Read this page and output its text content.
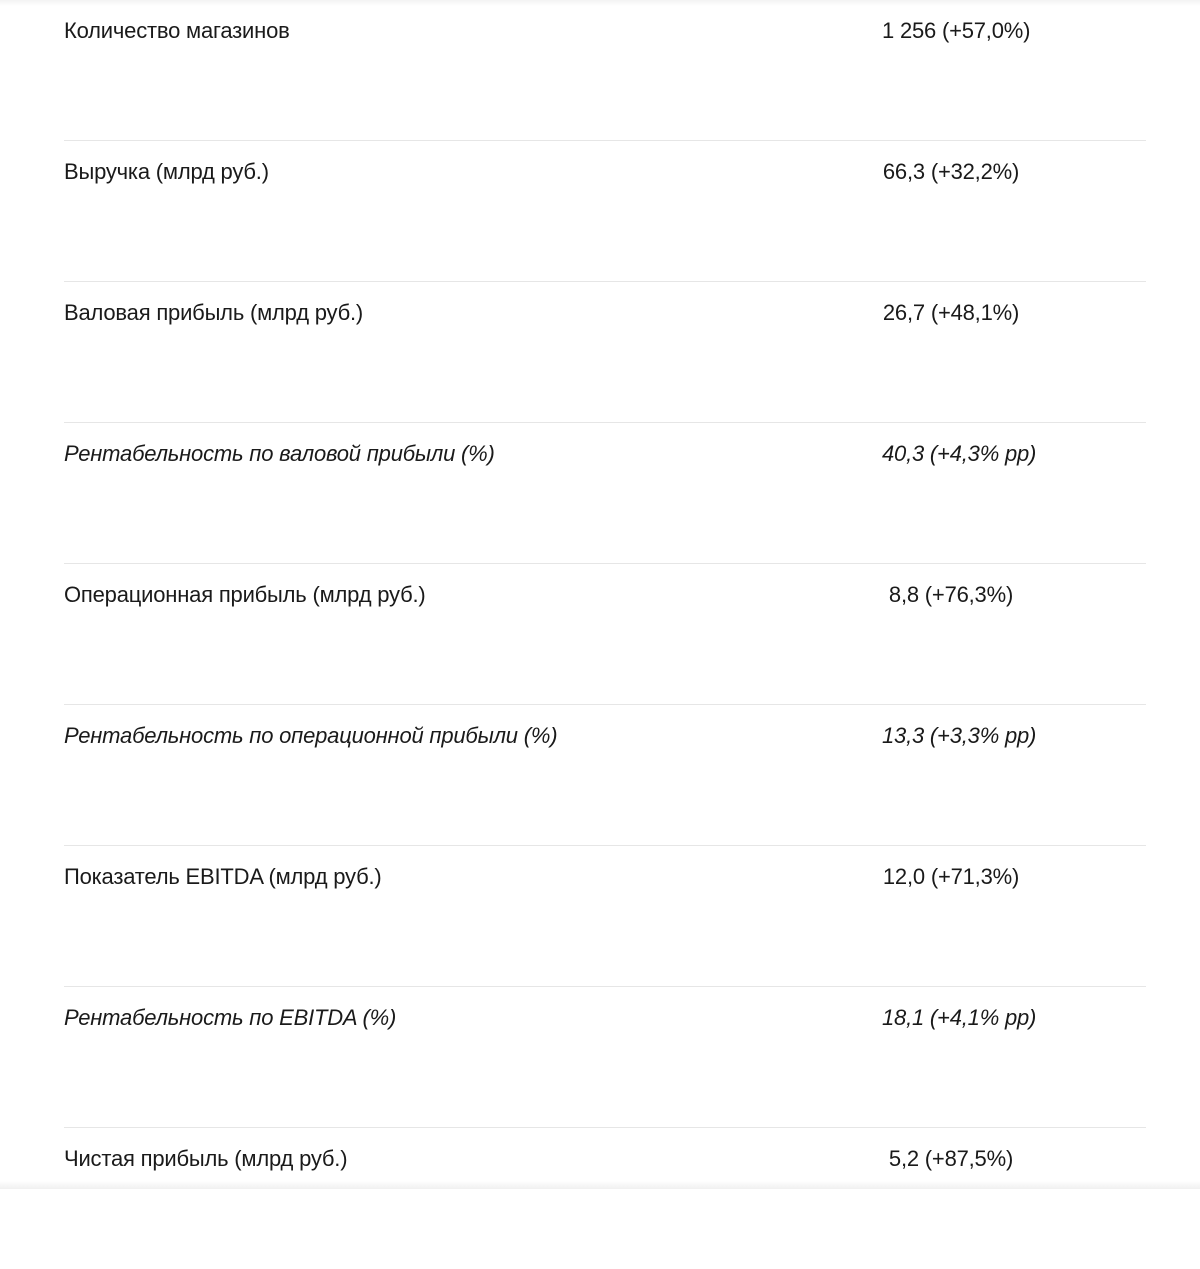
Количество магазинов	1 256 (+57,0%)
Выручка (млрд руб.)	66,3 (+32,2%)
Валовая прибыль (млрд руб.)	26,7 (+48,1%)
Рентабельность по валовой прибыли (%)	40,3 (+4,3% pp)
Операционная прибыль (млрд руб.)	8,8 (+76,3%)
Рентабельность по операционной прибыли (%)	13,3 (+3,3% pp)
Показатель EBITDA (млрд руб.)	12,0 (+71,3%)
Рентабельность по EBITDA (%)	18,1 (+4,1% pp)
Чистая прибыль (млрд руб.)	5,2 (+87,5%)
